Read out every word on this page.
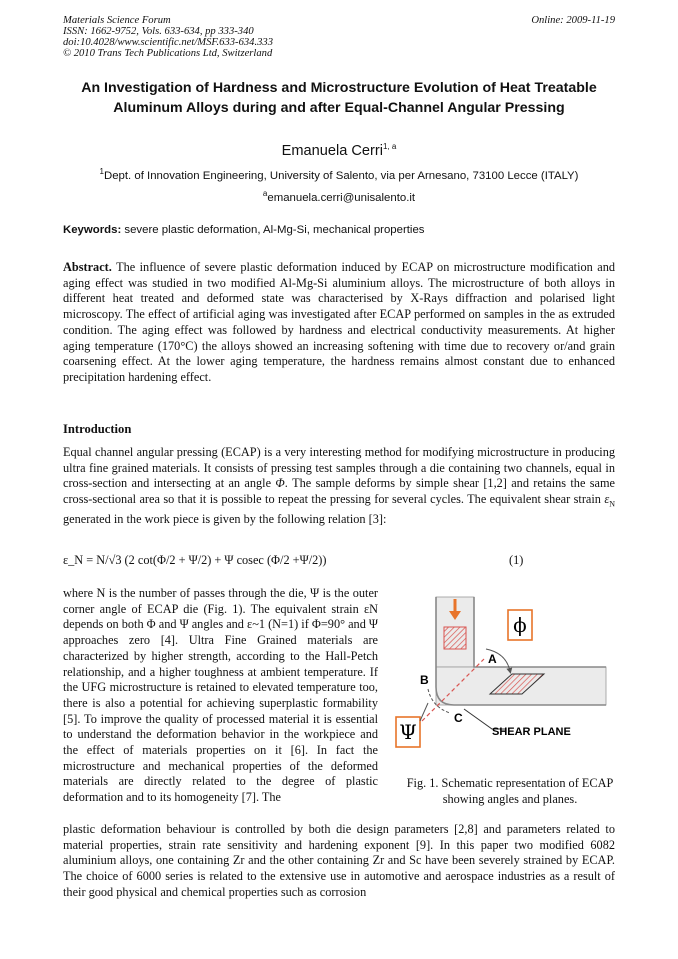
Materials Science Forum
ISSN: 1662-9752, Vols. 633-634, pp 333-340
doi:10.4028/www.scientific.net/MSF.633-634.333
© 2010 Trans Tech Publications Ltd, Switzerland
Online: 2009-11-19
An Investigation of Hardness and Microstructure Evolution of Heat Treatable Aluminum Alloys during and after Equal-Channel Angular Pressing
Emanuela Cerri$^{1, a}$
$^1$Dept. of Innovation Engineering, University of Salento, via per Arnesano, 73100 Lecce (ITALY)
$^a$emanuela.cerri@unisalento.it
Keywords: severe plastic deformation, Al-Mg-Si, mechanical properties
Abstract. The influence of severe plastic deformation induced by ECAP on microstructure modification and aging effect was studied in two modified Al-Mg-Si aluminium alloys. The microstructure of both alloys in different heat treated and deformed state was characterised by X-Rays diffraction and polarised light microscopy. The effect of artificial aging was investigated after ECAP performed on samples in the as extruded condition. The aging effect was followed by hardness and electrical conductivity measurements. At higher aging temperature (170°C) the alloys showed an increasing softening with time due to recovery or/and grain coarsening effect. At the lower aging temperature, the hardness remains almost constant due to enhanced precipitation hardening effect.
Introduction
Equal channel angular pressing (ECAP) is a very interesting method for modifying microstructure in producing ultra fine grained materials. It consists of pressing test samples through a die containing two channels, equal in cross-section and intersecting at an angle Φ. The sample deforms by simple shear [1,2] and retains the same cross-sectional area so that it is possible to repeat the pressing for several cycles. The equivalent shear strain $\varepsilon_N$ generated in the work piece is given by the following relation [3]:
ε_N = N/√3 (2 cot(Φ/2 + Ψ/2) + Ψ cosec (Φ/2 +Ψ/2))	(1)
where N is the number of passes through the die, Ψ is the outer corner angle of ECAP die (Fig. 1). The equivalent strain εN depends on both Φ and Ψ angles and ε~1 (N=1) if Φ=90° and Ψ approaches zero [4]. Ultra Fine Grained materials are characterized by higher strength, according to the Hall-Petch relationship, and a higher toughness at ambient temperature. If the UFG microstructure is retained to elevated temperature too, there is also a potential for achieving superplastic formability [5]. To improve the quality of processed material it is essential to understand the deformation behavior in the workpiece and the effect of materials properties on it [6]. In fact the microstructure and mechanical properties of the deformed materials are directly related to the degree of plastic deformation and to its homogeneity [7]. The
plastic deformation behaviour is controlled by both die design parameters [2,8] and parameters related to material properties, strain rate sensitivity and hardening exponent [9]. In this paper two modified 6082 aluminium alloys, one containing Zr and the other containing Zr and Sc have been severely strained by ECAP. The choice of 6000 series is related to the extensive use in automotive and aerospace industries as a result of their good physical and chemical properties such as corrosion
ϕ
A
B
C
SHEAR PLANE
Ψ
Fig. 1. Schematic representation of ECAP showing angles and planes.
